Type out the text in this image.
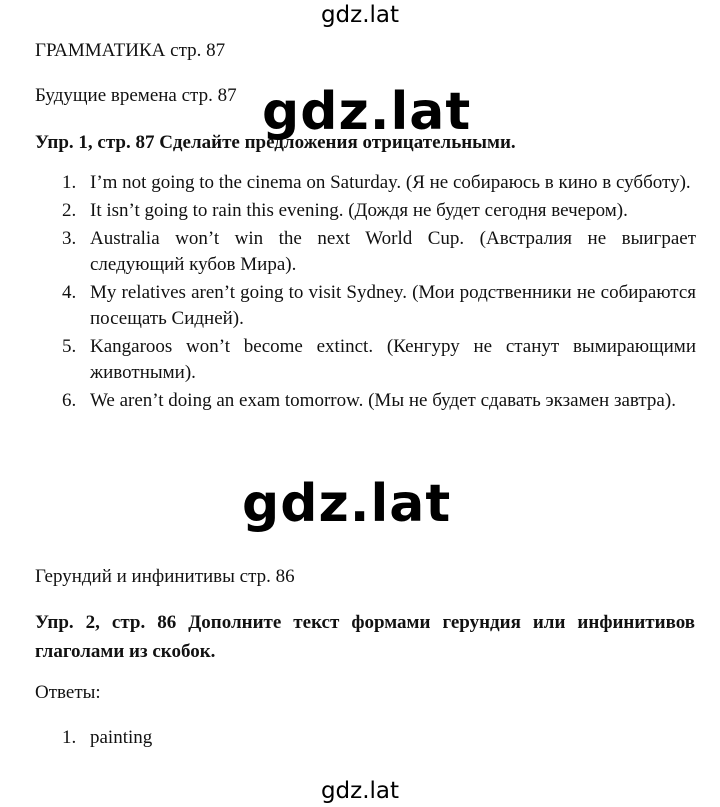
gdz.lat
ГРАММАТИКА стр. 87
Будущие времена стр. 87
Упр. 1, стр. 87 Сделайте предложения отрицательными.
1. I’m not going to the cinema on Saturday. (Я не собираюсь в кино в субботу).
2. It isn’t going to rain this evening. (Дождя не будет сегодня вечером).
3. Australia won’t win the next World Cup. (Австралия не выиграет следующий кубов Мира).
4. My relatives aren’t going to visit Sydney. (Мои родственники не собираются посещать Сидней).
5. Kangaroos won’t become extinct. (Кенгуру не станут вымирающими животными).
6. We aren’t doing an exam tomorrow. (Мы не будет сдавать экзамен завтра).
gdz.lat
gdz.lat
Герундий и инфинитивы стр. 86
Упр. 2, стр. 86 Дополните текст формами герундия или инфинитивов глаголами из скобок.
Ответы:
1. painting
gdz.lat
